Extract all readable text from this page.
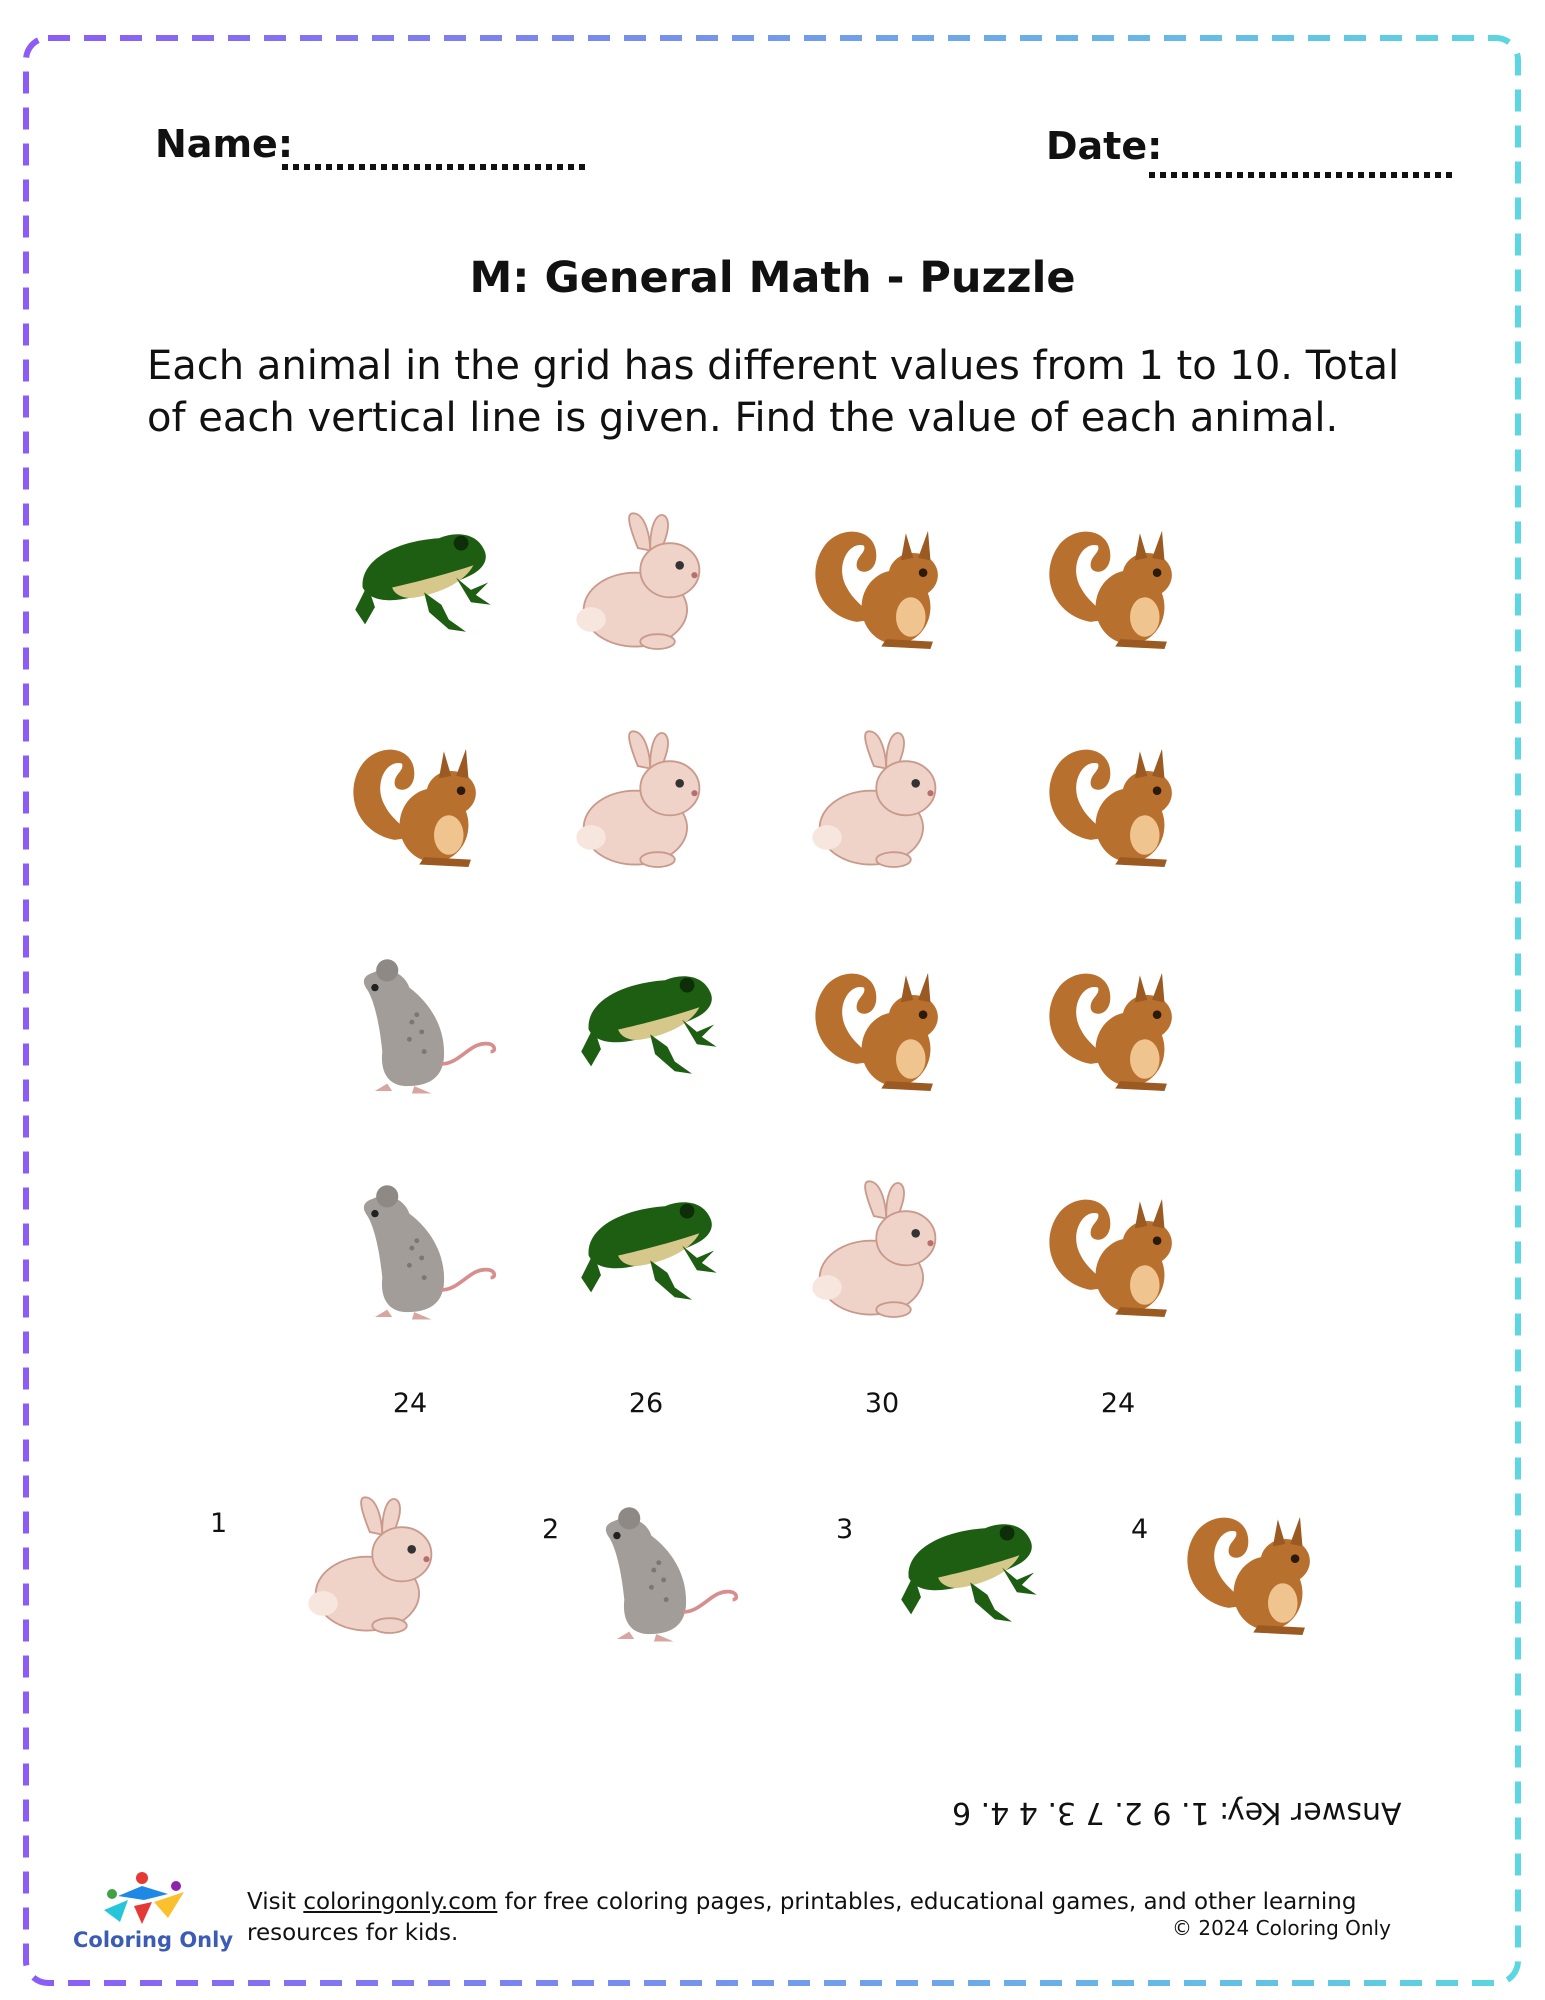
Name:	Date:
M: General Math - Puzzle
Each animal in the grid has different values from 1 to 10. Total of each vertical line is given. Find the value of each animal.
24	26	30	24
1	2	3	4
Answer Key: 1. 9 2. 7 3. 4 4. 6
Coloring Only
Visit coloringonly.com for free coloring pages, printables, educational games, and other learning resources for kids.	© 2024 Coloring Only
